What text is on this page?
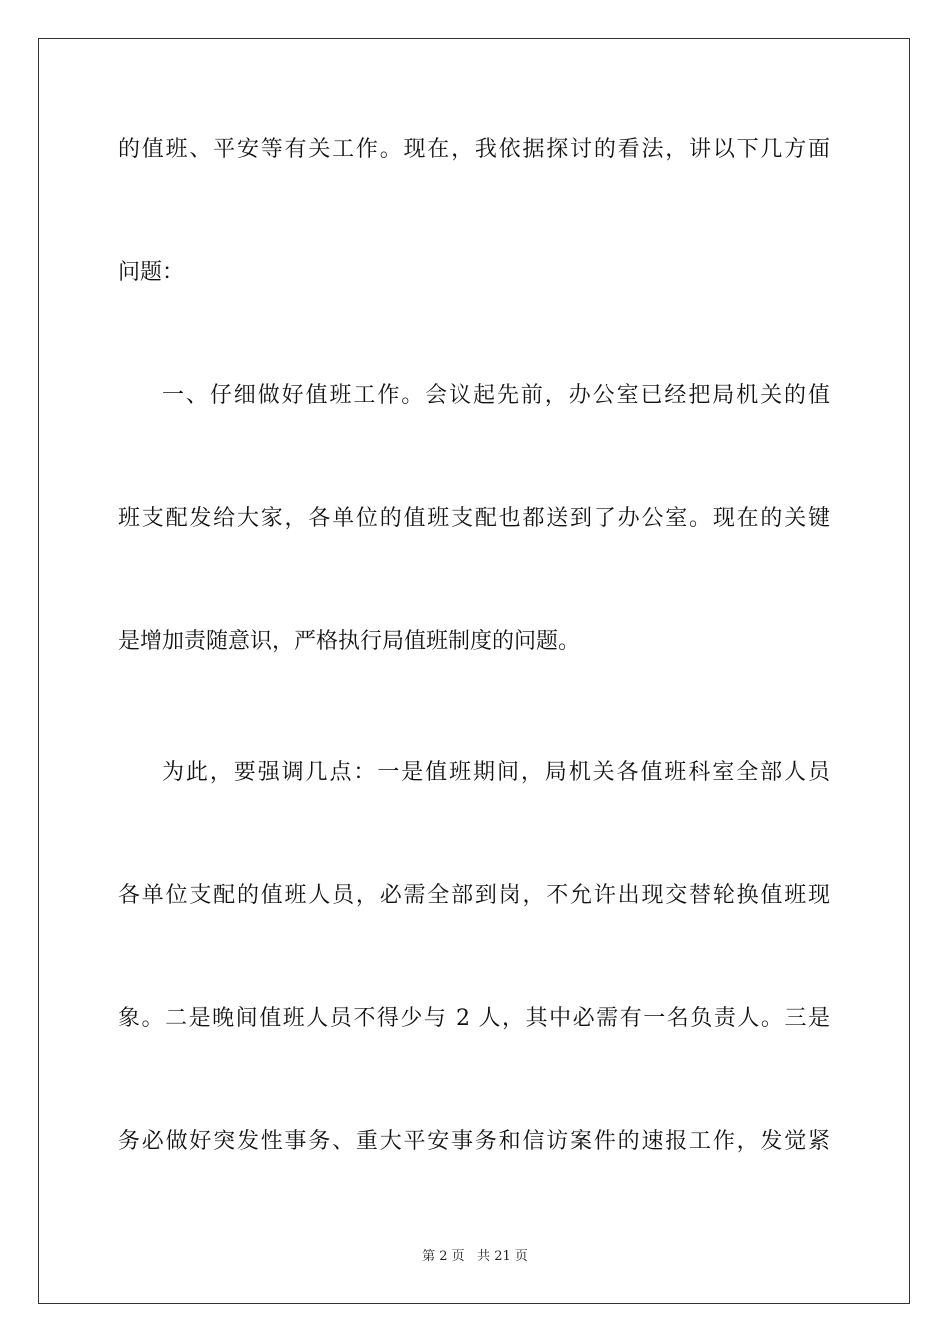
的值班、平安等有关工作。现在，我依据探讨的看法，讲以下几方面
问题：
一、仔细做好值班工作。会议起先前，办公室已经把局机关的值
班支配发给大家，各单位的值班支配也都送到了办公室。现在的关键
是增加责随意识，严格执行局值班制度的问题。
为此，要强调几点：一是值班期间，局机关各值班科室全部人员
各单位支配的值班人员，必需全部到岗，不允许出现交替轮换值班现
象。二是晚间值班人员不得少与 2 人，其中必需有一名负责人。三是
务必做好突发性事务、重大平安事务和信访案件的速报工作，发觉紧
第 2 页 共 21 页
